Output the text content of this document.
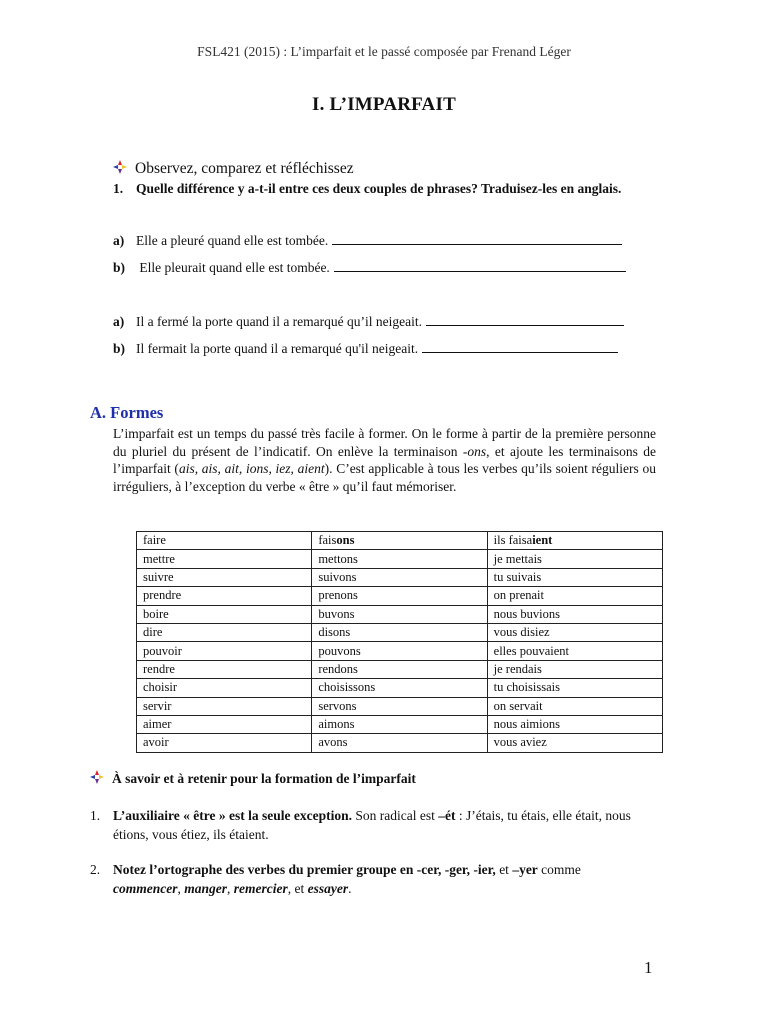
FSL421 (2015) : L’imparfait et le passé composée par Frenand Léger
I. L’IMPARFAIT
Observez, comparez et réfléchissez
1. Quelle différence y a-t-il entre ces deux couples de phrases? Traduisez-les en anglais.
a) Elle a pleuré quand elle est tombée.
b) Elle pleurait quand elle est tombée.
a) Il a fermé la porte quand il a remarqué qu’il neigeait.
b) Il fermait la porte quand il a remarqué qu'il neigeait.
A. Formes
L’imparfait est un temps du passé très facile à former. On le forme à partir de la première personne du pluriel du présent de l’indicatif. On enlève la terminaison -ons, et ajoute les terminaisons de l’imparfait (ais, ais, ait, ions, iez, aient). C’est applicable à tous les verbes qu’ils soient réguliers ou irréguliers, à l’exception du verbe « être » qu’il faut mémoriser.
faire	faisons	ils faisaient
mettre	mettons	je mettais
suivre	suivons	tu suivais
prendre	prenons	on prenait
boire	buvons	nous buvions
dire	disons	vous disiez
pouvoir	pouvons	elles pouvaient
rendre	rendons	je rendais
choisir	choisissons	tu choisissais
servir	servons	on servait
aimer	aimons	nous aimions
avoir	avons	vous aviez
À savoir et à retenir pour la formation de l’imparfait
1. L’auxiliaire « être » est la seule exception. Son radical est –ét : J’étais, tu étais, elle était, nous étions, vous étiez, ils étaient.
2. Notez l’ortographe des verbes du premier groupe en -cer, -ger, -ier, et –yer comme
commencer, manger, remercier, et essayer.
1
